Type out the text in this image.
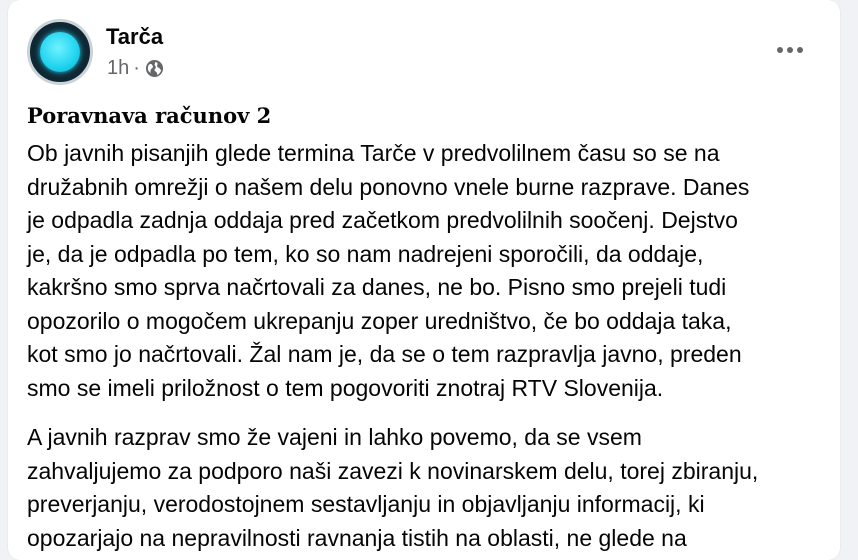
Tarča
1h ·
Poravnava računov 2

Ob javnih pisanjih glede termina Tarče v predvolilnem času so se na

družabnih omrežji o našem delu ponovno vnele burne razprave. Danes

je odpadla zadnja oddaja pred začetkom predvolilnih soočenj. Dejstvo

je, da je odpadla po tem, ko so nam nadrejeni sporočili, da oddaje,

kakršno smo sprva načrtovali za danes, ne bo. Pisno smo prejeli tudi

opozorilo o mogočem ukrepanju zoper uredništvo, če bo oddaja taka,

kot smo jo načrtovali. Žal nam je, da se o tem razpravlja javno, preden

smo se imeli priložnost o tem pogovoriti znotraj RTV Slovenija.

A javnih razprav smo že vajeni in lahko povemo, da se vsem

zahvaljujemo za podporo naši zavezi k novinarskem delu, torej zbiranju,

preverjanju, verodostojnem sestavljanju in objavljanju informacij, ki

opozarjajo na nepravilnosti ravnanja tistih na oblasti, ne glede na
